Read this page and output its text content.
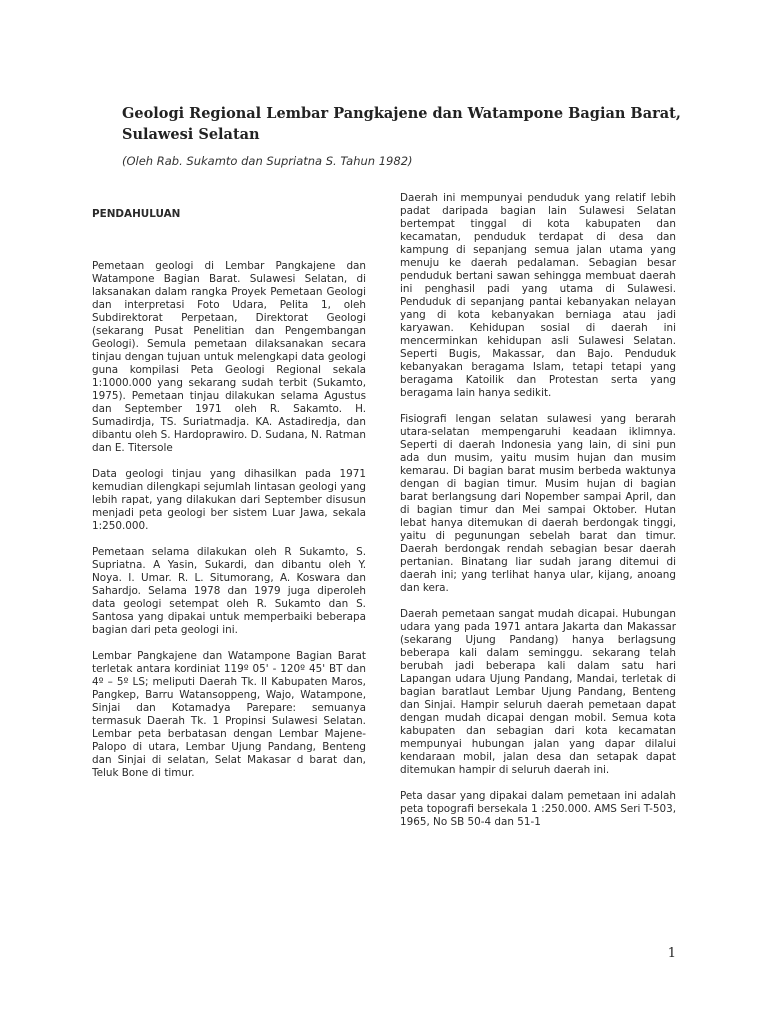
Geologi Regional Lembar Pangkajene dan Watampone Bagian Barat, Sulawesi Selatan

(Oleh Rab. Sukamto dan Supriatna S. Tahun 1982)

PENDAHULUAN

Pemetaan geologi di Lembar Pangkajene dan Watampone Bagian Barat. Sulawesi Selatan, di laksanakan dalam rangka Proyek Pemetaan Geologi dan interpretasi Foto Udara, Pelita 1, oleh Subdirektorat Perpetaan, Direktorat Geologi (sekarang Pusat Penelitian dan Pengembangan Geologi). Semula pemetaan dilaksanakan secara tinjau dengan tujuan untuk melengkapi data geologi guna kompilasi Peta Geologi Regional sekala 1:1000.000 yang sekarang sudah terbit (Sukamto, 1975). Pemetaan tinjau dilakukan selama Agustus dan September 1971 oleh R. Sakamto. H. Sumadirdja, TS. Suriatmadja. KA. Astadiredja, dan dibantu oleh S. Hardoprawiro. D. Sudana, N. Ratman dan E. Titersole

Data geologi tinjau yang dihasilkan pada 1971 kemudian dilengkapi sejumlah lintasan geologi yang lebih rapat, yang dilakukan dari September disusun menjadi peta geologi ber sistem Luar Jawa, sekala 1:250.000.

Pemetaan selama dilakukan oleh R Sukamto, S. Supriatna. A Yasin, Sukardi, dan dibantu oleh Y. Noya. I. Umar. R. L. Situmorang, A. Koswara dan Sahardjo. Selama 1978 dan 1979 juga diperoleh data geologi setempat oleh R. Sukamto dan S. Santosa yang dipakai untuk memperbaiki beberapa bagian dari peta geologi ini.

Lembar Pangkajene dan Watampone Bagian Barat terletak antara kordiniat 119º 05' - 120º 45' BT dan 4º – 5º LS; meliputi Daerah Tk. II Kabupaten Maros, Pangkep, Barru Watansoppeng, Wajo, Watampone, Sinjai dan Kotamadya Parepare: semuanya termasuk Daerah Tk. 1 Propinsi Sulawesi Selatan. Lembar peta berbatasan dengan Lembar Majene-Palopo di utara, Lembar Ujung Pandang, Benteng dan Sinjai di selatan, Selat Makasar d barat dan, Teluk Bone di timur.

Daerah ini mempunyai penduduk yang relatif lebih padat daripada bagian lain Sulawesi Selatan bertempat tinggal di kota kabupaten dan kecamatan, penduduk terdapat di desa dan kampung di sepanjang semua jalan utama yang menuju ke daerah pedalaman. Sebagian besar penduduk bertani sawan sehingga membuat daerah ini penghasil padi yang utama di Sulawesi. Penduduk di sepanjang pantai kebanyakan nelayan yang di kota kebanyakan berniaga atau jadi karyawan. Kehidupan sosial di daerah ini mencerminkan kehidupan asli Sulawesi Selatan. Seperti Bugis, Makassar, dan Bajo. Penduduk kebanyakan beragama Islam, tetapi tetapi yang beragama Katoilik dan Protestan serta yang beragama lain hanya sedikit.

Fisiografi lengan selatan sulawesi yang berarah utara-selatan mempengaruhi keadaan iklimnya. Seperti di daerah Indonesia yang lain, di sini pun ada dun musim, yaitu musim hujan dan musim kemarau. Di bagian barat musim berbeda waktunya dengan di bagian timur. Musim hujan di bagian barat berlangsung dari Nopember sampai April, dan di bagian timur dan Mei sampai Oktober. Hutan lebat hanya ditemukan di daerah berdongak tinggi, yaitu di pegunungan sebelah barat dan timur. Daerah berdongak rendah sebagian besar daerah pertanian. Binatang liar sudah jarang ditemui di daerah ini; yang terlihat hanya ular, kijang, anoang dan kera.

Daerah pemetaan sangat mudah dicapai. Hubungan udara yang pada 1971 antara Jakarta dan Makassar (sekarang Ujung Pandang) hanya berlagsung beberapa kali dalam seminggu. sekarang telah berubah jadi beberapa kali dalam satu hari Lapangan udara Ujung Pandang, Mandai, terletak di bagian baratlaut Lembar Ujung Pandang, Benteng dan Sinjai. Hampir seluruh daerah pemetaan dapat dengan mudah dicapai dengan mobil. Semua kota kabupaten dan sebagian dari kota kecamatan mempunyai hubungan jalan yang dapar dilalui kendaraan mobil, jalan desa dan setapak dapat ditemukan hampir di seluruh daerah ini.

Peta dasar yang dipakai dalam pemetaan ini adalah peta topografi bersekala 1 :250.000. AMS Seri T-503, 1965, No SB 50-4 dan 51-1

1
